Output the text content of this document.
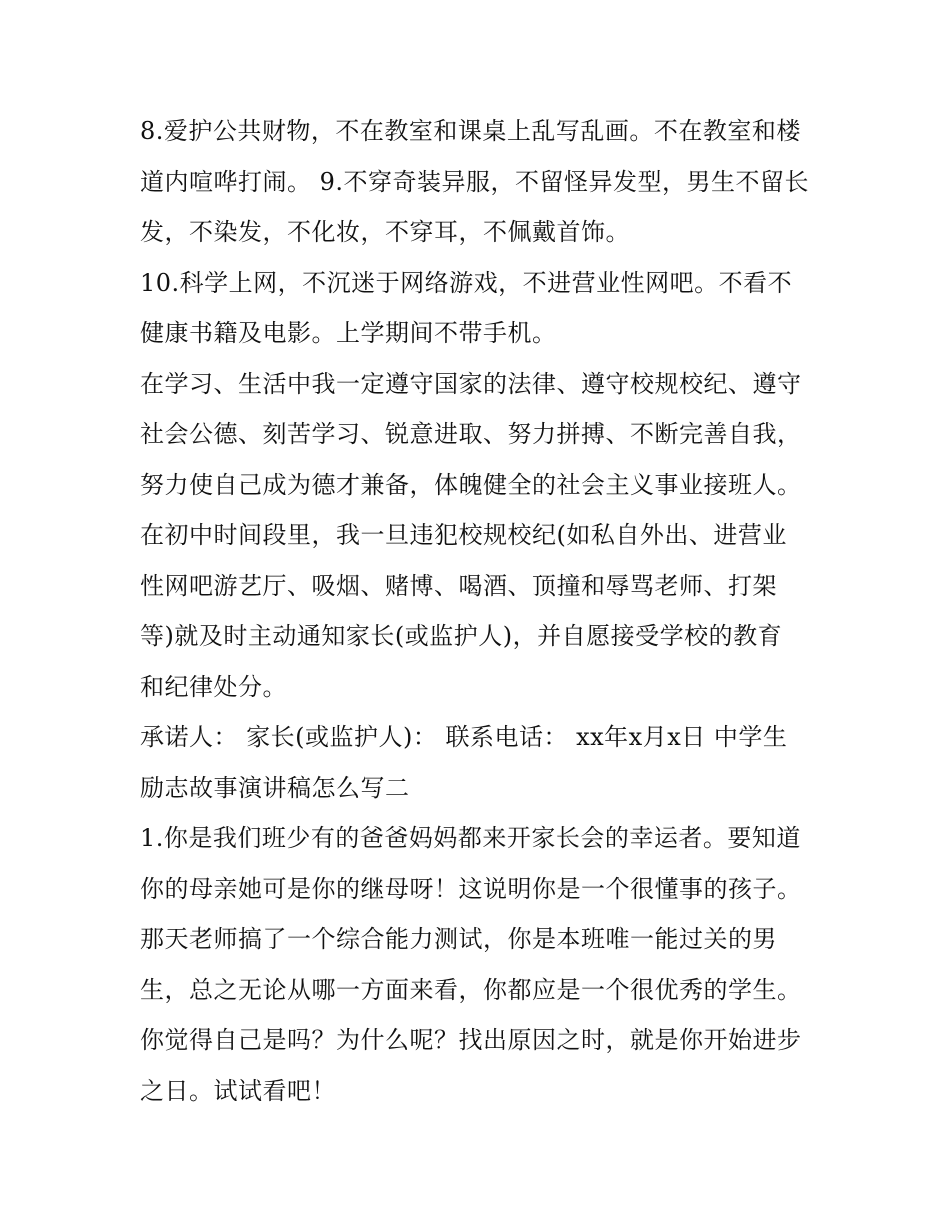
8.爱护公共财物，不在教室和课桌上乱写乱画。不在教室和楼
道内喧哗打闹。 9.不穿奇装异服，不留怪异发型，男生不留长
发，不染发，不化妆，不穿耳，不佩戴首饰。
10.科学上网，不沉迷于网络游戏，不进营业性网吧。不看不
健康书籍及电影。上学期间不带手机。
在学习、生活中我一定遵守国家的法律、遵守校规校纪、遵守
社会公德、刻苦学习、锐意进取、努力拼搏、不断完善自我，
努力使自己成为德才兼备，体魄健全的社会主义事业接班人。
在初中时间段里，我一旦违犯校规校纪(如私自外出、进营业
性网吧游艺厅、吸烟、赌博、喝酒、顶撞和辱骂老师、打架
等)就及时主动通知家长(或监护人)，并自愿接受学校的教育
和纪律处分。
承诺人： 家长(或监护人)： 联系电话： xx年x月x日 中学生
励志故事演讲稿怎么写二
1.你是我们班少有的爸爸妈妈都来开家长会的幸运者。要知道
你的母亲她可是你的继母呀！这说明你是一个很懂事的孩子。
那天老师搞了一个综合能力测试，你是本班唯一能过关的男
生，总之无论从哪一方面来看，你都应是一个很优秀的学生。
你觉得自己是吗？为什么呢？找出原因之时，就是你开始进步
之日。试试看吧！
